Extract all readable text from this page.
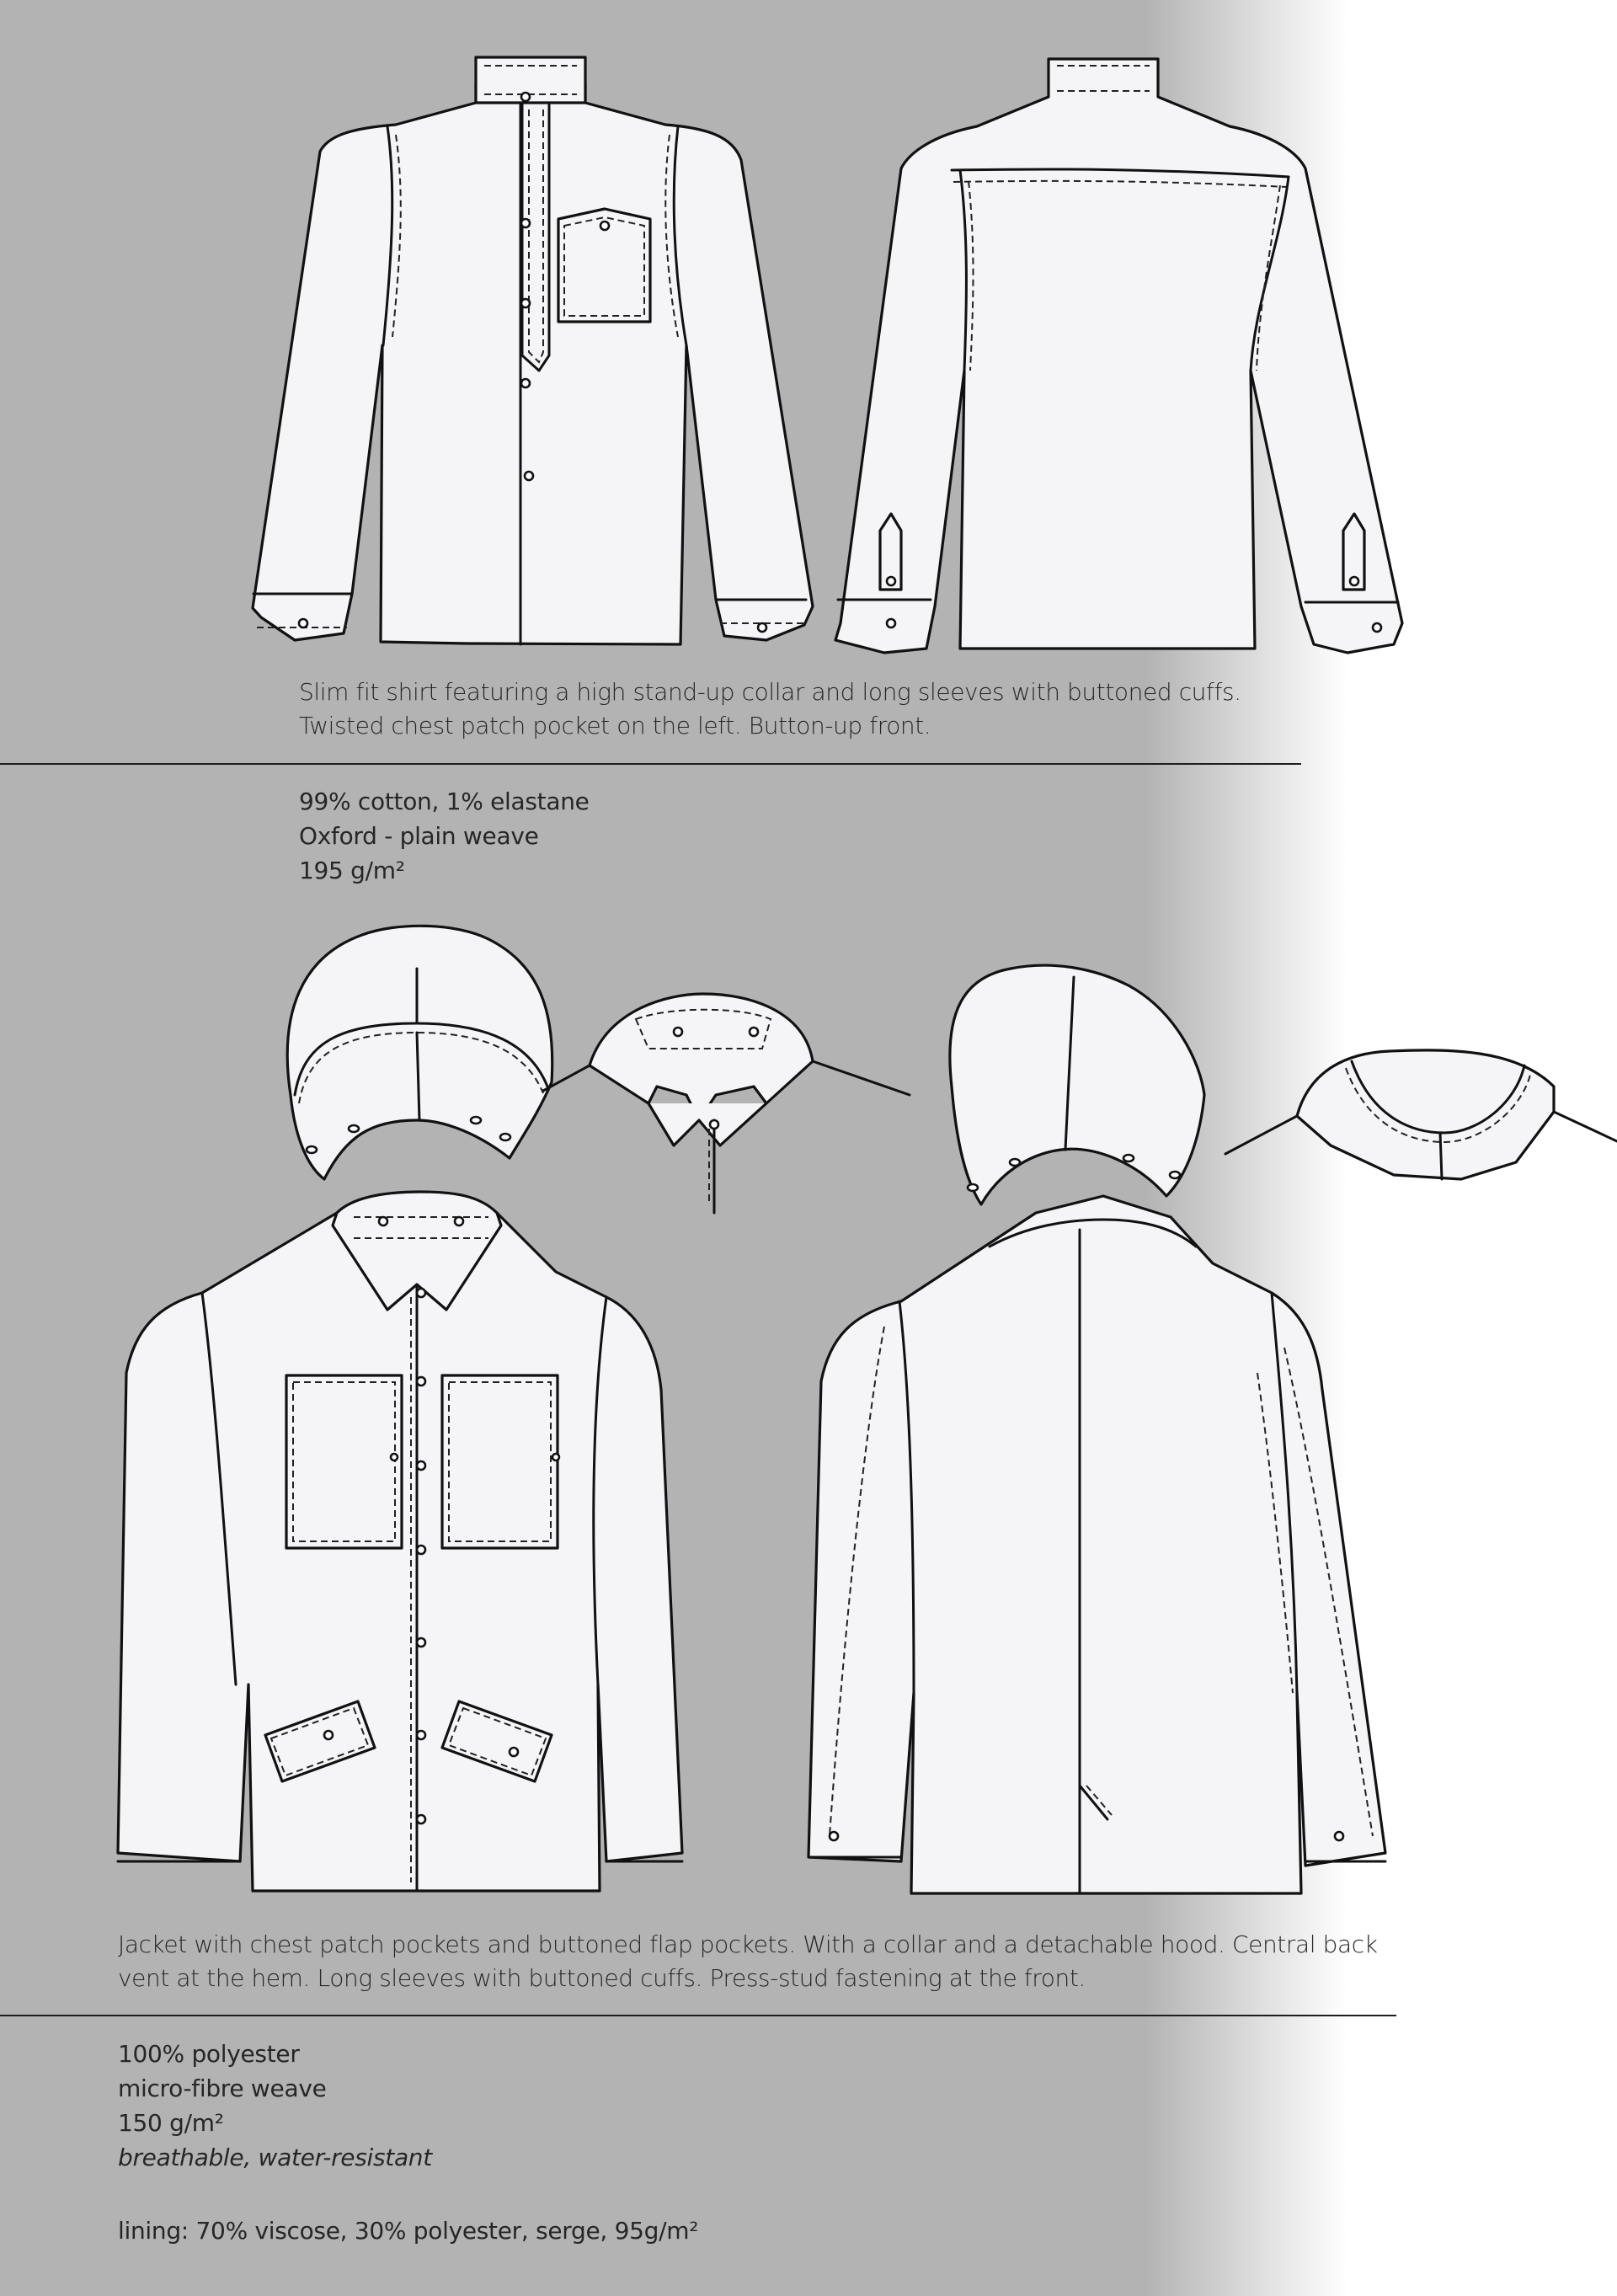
Slim fit shirt featuring a high stand-up collar and long sleeves with buttoned cuffs. Twisted chest patch pocket on the left. Button-up front.

99% cotton, 1% elastane
Oxford - plain weave
195 g/m²

Jacket with chest patch pockets and buttoned flap pockets. With a collar and a detachable hood. Central back vent at the hem. Long sleeves with buttoned cuffs. Press-stud fastening at the front.

100% polyester
micro-fibre weave
150 g/m²
breathable, water-resistant
lining: 70% viscose, 30% polyester, serge, 95g/m²
